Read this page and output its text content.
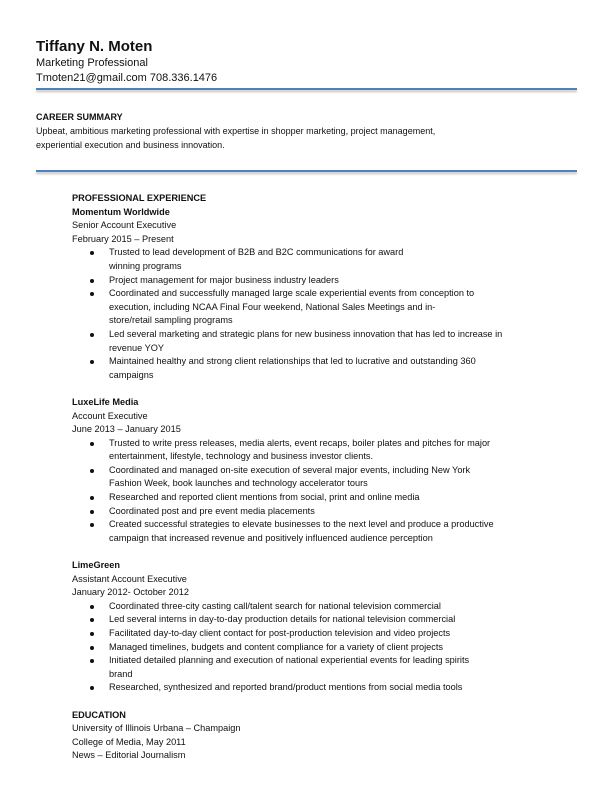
Tiffany N. Moten
Marketing Professional
Tmoten21@gmail.com 708.336.1476
CAREER SUMMARY
Upbeat, ambitious marketing professional with expertise in shopper marketing, project management,
experiential execution and business innovation.
PROFESSIONAL EXPERIENCE
Momentum Worldwide
Senior Account Executive
February 2015 – Present
Trusted to lead development of B2B and B2C communications for award
winning programs
Project management for major business industry leaders
Coordinated and successfully managed large scale experiential events from conception to
execution, including NCAA Final Four weekend, National Sales Meetings and in-
store/retail sampling programs
Led several marketing and strategic plans for new business innovation that has led to increase in
revenue YOY
Maintained healthy and strong client relationships that led to lucrative and outstanding 360
campaigns
LuxeLife Media
Account Executive
June 2013 – January 2015
Trusted to write press releases, media alerts, event recaps, boiler plates and pitches for major
entertainment, lifestyle, technology and business investor clients.
Coordinated and managed on-site execution of several major events, including New York
Fashion Week, book launches and technology accelerator tours
Researched and reported client mentions from social, print and online media
Coordinated post and pre event media placements
Created successful strategies to elevate businesses to the next level and produce a productive
campaign that increased revenue and positively influenced audience perception
LimeGreen
Assistant Account Executive
January 2012- October 2012
Coordinated three-city casting call/talent search for national television commercial
Led several interns in day-to-day production details for national television commercial
Facilitated day-to-day client contact for post-production television and video projects
Managed timelines, budgets and content compliance for a variety of client projects
Initiated detailed planning and execution of national experiential events for leading spirits
brand
Researched, synthesized and reported brand/product mentions from social media tools
EDUCATION
University of Illinois Urbana – Champaign
College of Media, May 2011
News – Editorial Journalism
